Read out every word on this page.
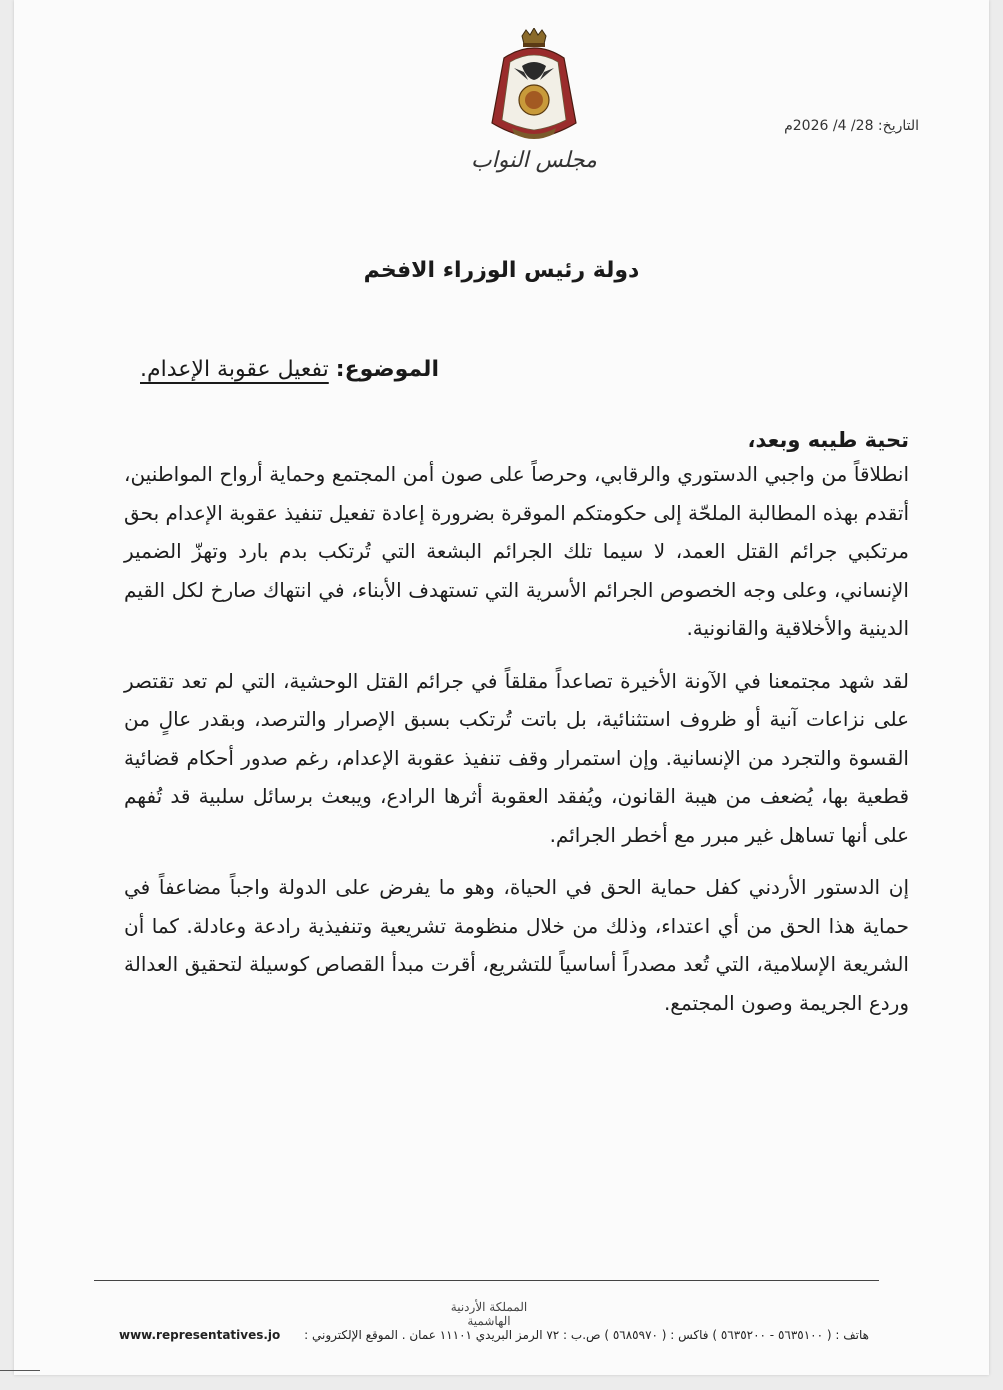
مجلس النواب
التاريخ: 28/ 4/ 2026م
دولة رئيس الوزراء الافخم
الموضوع: تفعيل عقوبة الإعدام.
تحية طيبه وبعد،

انطلاقاً من واجبي الدستوري والرقابي، وحرصاً على صون أمن المجتمع وحماية أرواح المواطنين، أتقدم بهذه المطالبة الملحّة إلى حكومتكم الموقرة بضرورة إعادة تفعيل تنفيذ عقوبة الإعدام بحق مرتكبي جرائم القتل العمد، لا سيما تلك الجرائم البشعة التي تُرتكب بدم بارد وتهزّ الضمير الإنساني، وعلى وجه الخصوص الجرائم الأسرية التي تستهدف الأبناء، في انتهاك صارخ لكل القيم الدينية والأخلاقية والقانونية.

لقد شهد مجتمعنا في الآونة الأخيرة تصاعداً مقلقاً في جرائم القتل الوحشية، التي لم تعد تقتصر على نزاعات آنية أو ظروف استثنائية، بل باتت تُرتكب بسبق الإصرار والترصد، وبقدر عالٍ من القسوة والتجرد من الإنسانية. وإن استمرار وقف تنفيذ عقوبة الإعدام، رغم صدور أحكام قضائية قطعية بها، يُضعف من هيبة القانون، ويُفقد العقوبة أثرها الرادع، ويبعث برسائل سلبية قد تُفهم على أنها تساهل غير مبرر مع أخطر الجرائم.

إن الدستور الأردني كفل حماية الحق في الحياة، وهو ما يفرض على الدولة واجباً مضاعفاً في حماية هذا الحق من أي اعتداء، وذلك من خلال منظومة تشريعية وتنفيذية رادعة وعادلة. كما أن الشريعة الإسلامية، التي تُعد مصدراً أساسياً للتشريع، أقرت مبدأ القصاص كوسيلة لتحقيق العدالة وردع الجريمة وصون المجتمع.

المملكة الأردنية الهاشمية
هاتف : ( ٥٦٣٥١٠٠ - ٥٦٣٥٢٠٠ ) فاكس : ( ٥٦٨٥٩٧٠ ) ص.ب : ٧٢ الرمز البريدي ١١١٠١ عمان . الموقع الإلكتروني :
www.representatives.jo
